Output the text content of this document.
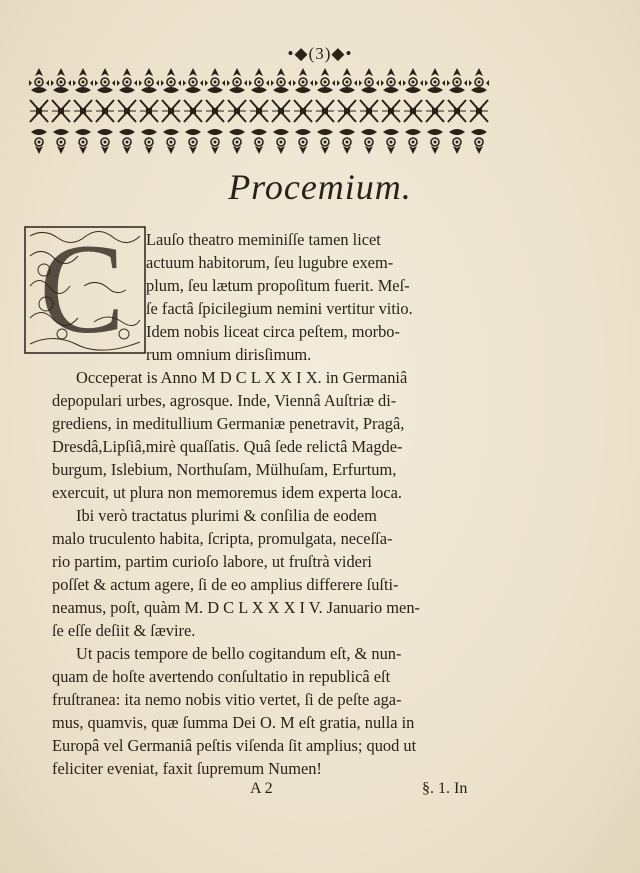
•◆(3)◆•
Procemium.
C Lauſo theatro meminiſſe tamen licet

actuum habitorum, ſeu lugubre exem-

plum, ſeu lætum propoſitum fuerit. Meſ-

ſe factâ ſpicilegium nemini vertitur vitio.

Idem nobis liceat circa peſtem, morbo-

rum omnium dirisſimum.

Occeperat is Anno M D C L X X I X. in Germaniâ

depopulari urbes, agrosque. Inde, Viennâ Auſtriæ di-

grediens, in meditullium Germaniæ penetravit, Pragâ,

Dresdâ,Lipſiâ,mirè quaſſatis. Quâ ſede relictâ Magde-

burgum, Islebium, Northuſam, Mülhuſam, Erfurtum,

exercuit, ut plura non memoremus idem experta loca.

Ibi verò tractatus plurimi & conſilia de eodem

malo truculento habita, ſcripta, promulgata, neceſſa-

rio partim, partim curioſo labore, ut fruſtrà videri

poſſet & actum agere, ſi de eo amplius differere ſuſti-

neamus, poſt, quàm M. D C L X X X I V. Januario men-

ſe eſſe deſiit & ſævire.

Ut pacis tempore de bello cogitandum eſt, & nun-

quam de hoſte avertendo conſultatio in republicâ eſt

fruſtranea: ita nemo nobis vitio vertet, ſi de peſte aga-

mus, quamvis, quæ ſumma Dei O. M eſt gratia, nulla in

Europâ vel Germaniâ peſtis viſenda ſit amplius; quod ut

feliciter eveniat, faxit ſupremum Numen!

A 2	§. 1. In
